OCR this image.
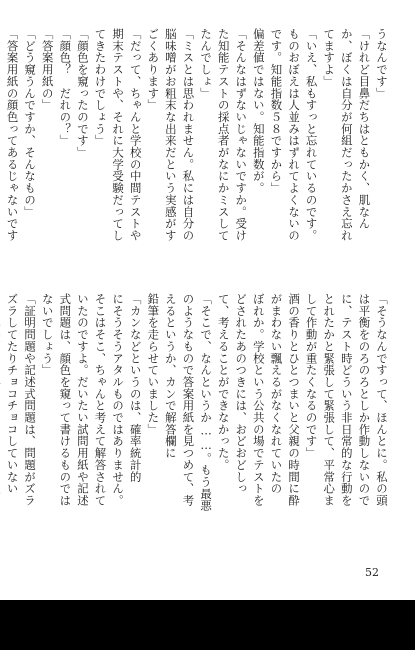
うなんです」
「けれど目鼻だちはともかく、肌なん
か、ぼくは自分が何組だったかさえ忘れ
てますよ」
「いえ、私もすっと忘れているのです。
ものおぼえは人並みはずれてよくないの
です。知能指数５８ですから」
偏差値ではない。知能指数が。
「そんなはずないじゃないですか。受け
た知能テストの採点者がなにかミスして
たんでしょ」
「ミスとは思われません。私には自分の
脳味噌がお粗末な出来だという実感がす
ごくあります」
「だって、ちゃんと学校の中間テストや
期末テストや、それに大学受験だってし
てきたわけでしょう」
「顔色を窺ったのです」
「顔色？　だれの？」
「答案用紙の」
「どう窺うんですか、そんなもの」
「答案用紙の顔色ってあるじゃないです
「そうなんですって、ほんとに。私の頭
は平衡をのろのろとしか作動しないので
に、テスト時どういう非日常的な行動を
とれたかと緊張して緊張して、平常心ま
して作動が重たくなるのです」
酒の香りとひとつまいと父親の時間に酔
がまわない飄えるがなくなれていたの
ぼれか。学校という公共の場でテストを
どされたあのつきには、おどおどしっ
て、考えることができなかった。
「そこで、なんというか……。もう最悪
のようなもので答案用紙を見つめて、考
えるというか、カンで解答欄に
鉛筆を走らせていました」
「カンなどというのは、確率統計的
にそうそうアタルものではありません。
そこはそこ、ちゃんと考えて解答されて
いたのですよ。だいたい試問用紙や記述
式問題は、顔色を窺って書けるものでは
ないでしょう」
「証明問題や記述式問題は、問題がズラ
ズラしてたりチョコチョコしていない
52
